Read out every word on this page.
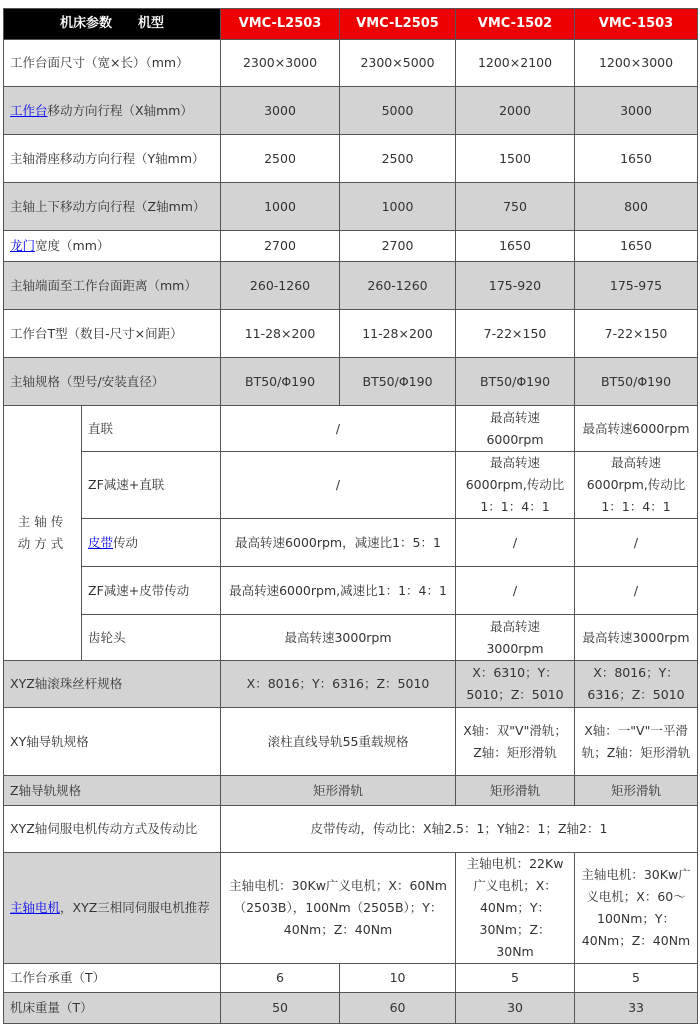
机床参数　　机型		VMC-L2503	VMC-L2505	VMC-1502	VMC-1503
工作台面尺寸（宽×长）（mm）		2300×3000	2300×5000	1200×2100	1200×3000
工作台移动方向行程（X轴mm）		3000	5000	2000	3000
主轴滑座移动方向行程（Y轴mm）		2500	2500	1500	1650
主轴上下移动方向行程（Z轴mm）		1000	1000	750	800
龙门宽度（mm）		2700	2700	1650	1650
主轴端面至工作台面距离（mm）		260-1260	260-1260	175-920	175-975
工作台T型（数目-尺寸×间距）		11-28×200	11-28×200	7-22×150	7-22×150
主轴规格（型号/安装直径）		BT50/Φ190	BT50/Φ190	BT50/Φ190	BT50/Φ190

主轴传
动方式	直联	/		最高转速6000rpm	最高转速6000rpm
	ZF减速+直联	/		最高转速6000rpm,传动比1：1：4：1	最高转速6000rpm,传动比1：1：4：1
	皮带传动	最高转速6000rpm，减速比1：5：1		/	/
	ZF减速+皮带传动	最高转速6000rpm,减速比1：1：4：1		/	/
	齿轮头	最高转速3000rpm		最高转速3000rpm	最高转速3000rpm
XYZ轴滚珠丝杆规格		X：8016；Y：6316；Z：5010		X：6310；Y：5010；Z：5010	X：8016；Y：6316；Z：5010
XY轴导轨规格		滚柱直线导轨55重载规格		X轴：双"V"滑轨；Z轴：矩形滑轨	X轴：一"V"一平滑轨；Z轴：矩形滑轨
Z轴导轨规格		矩形滑轨		矩形滑轨	矩形滑轨
XYZ轴伺服电机传动方式及传动比		皮带传动，传动比：X轴2.5：1；Y轴2：1；Z轴2：1			
主轴电机，XYZ三相同伺服电机推荐		主轴电机：30Kw广义电机；X：60Nm（2503B），100Nm（2505B）；Y：40Nm；Z：40Nm		主轴电机：22Kw广义电机；X：40Nm；Y：30Nm；Z：30Nm	主轴电机：30Kw广义电机；X：60～100Nm；Y：40Nm；Z：40Nm
工作台承重（T）		6	10	5	5
机床重量（T）		50	60	30	33
